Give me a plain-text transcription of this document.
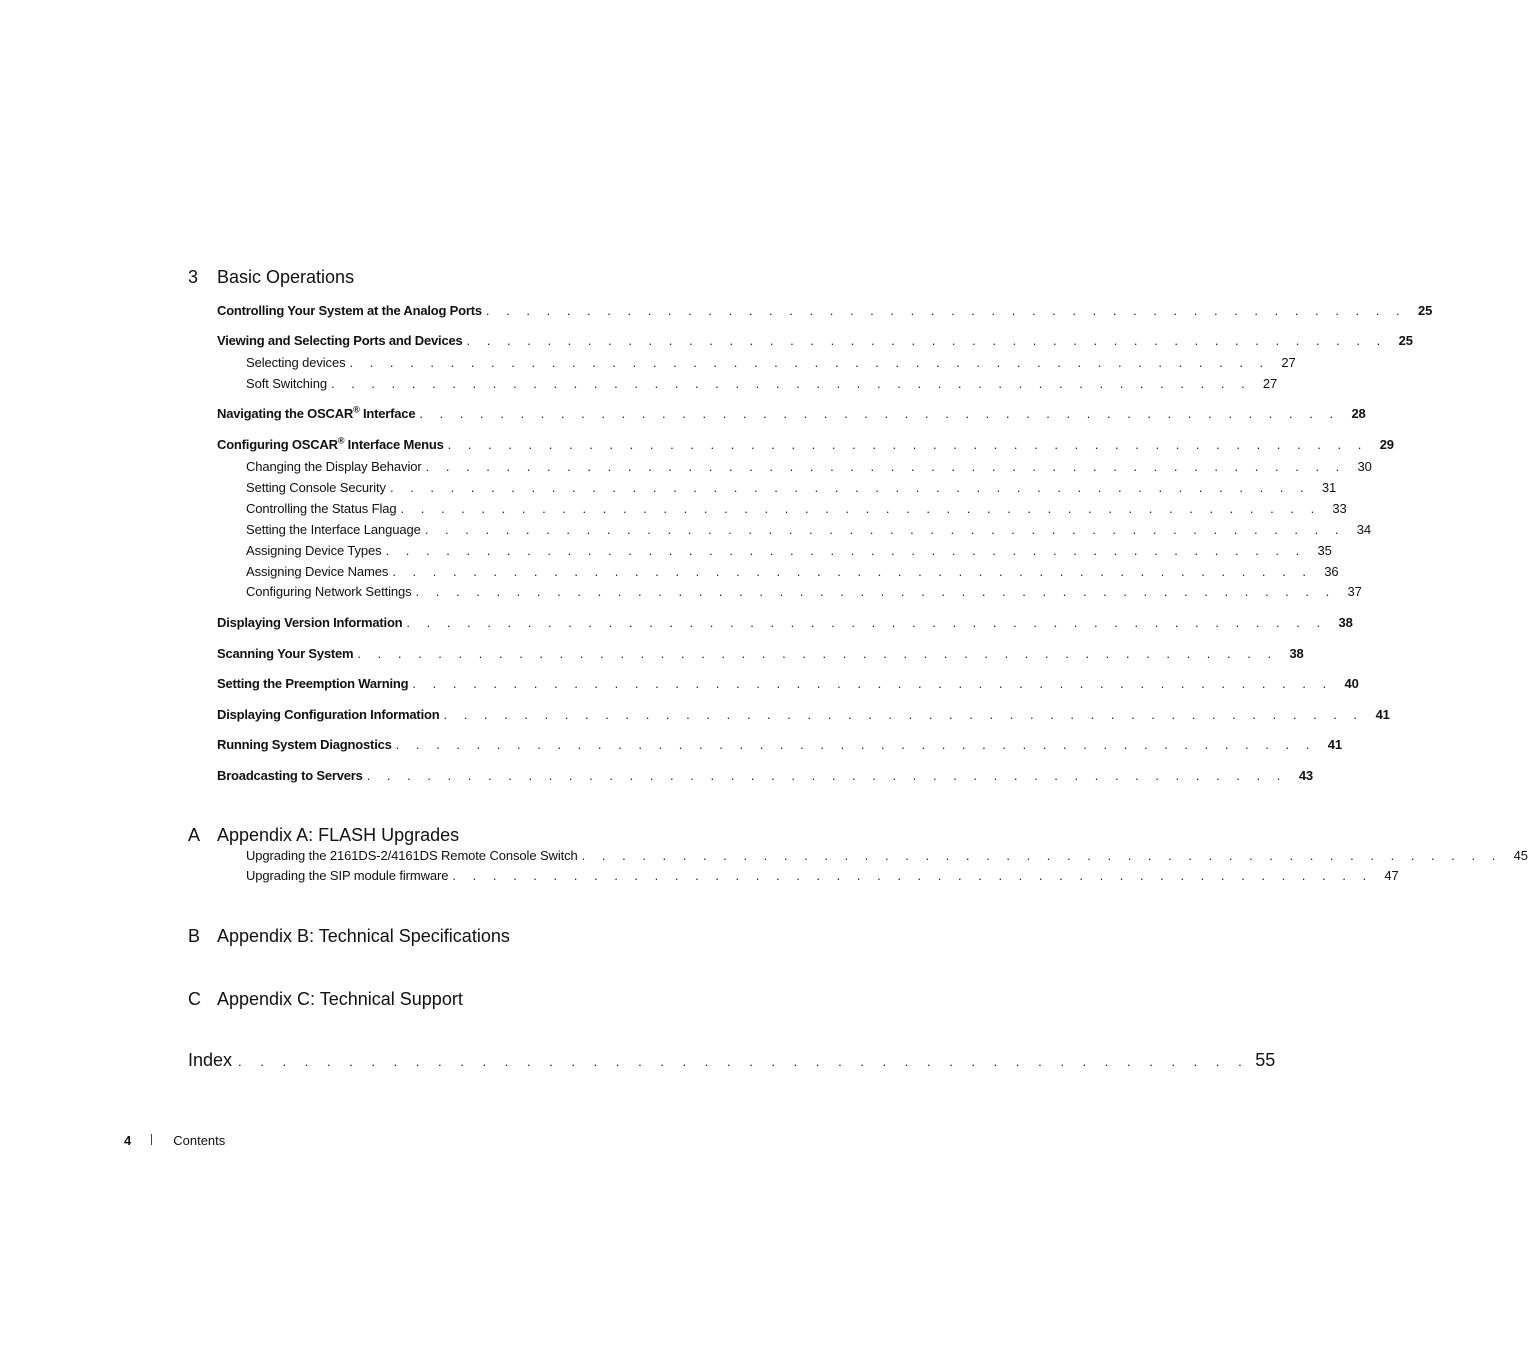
3 Basic Operations
Controlling Your System at the Analog Ports . . . . . . . . . . . . . . . . . . . . . . . . . . . . . . . . . . . . . . . . . . . . . . 25
Viewing and Selecting Ports and Devices . . . . . . . . . . . . . . . . . . . . . . . . . . . . . . . . . . . . . . . . . . . . . . 25
Selecting devices . . . . . . . . . . . . . . . . . . . . . . . . . . . . . . . . . . . . . . . . . . . . . . 27
Soft Switching . . . . . . . . . . . . . . . . . . . . . . . . . . . . . . . . . . . . . . . . . . . . . . 27
Navigating the OSCAR® Interface . . . . . . . . . . . . . . . . . . . . . . . . . . . . . . . . . . . . . . . . . . . . . . 28
Configuring OSCAR® Interface Menus . . . . . . . . . . . . . . . . . . . . . . . . . . . . . . . . . . . . . . . . . . . . . . 29
Changing the Display Behavior . . . . . . . . . . . . . . . . . . . . . . . . . . . . . . . . . . . . . . . . . . . . . . 30
Setting Console Security . . . . . . . . . . . . . . . . . . . . . . . . . . . . . . . . . . . . . . . . . . . . . . 31
Controlling the Status Flag . . . . . . . . . . . . . . . . . . . . . . . . . . . . . . . . . . . . . . . . . . . . . . 33
Setting the Interface Language . . . . . . . . . . . . . . . . . . . . . . . . . . . . . . . . . . . . . . . . . . . . . . 34
Assigning Device Types . . . . . . . . . . . . . . . . . . . . . . . . . . . . . . . . . . . . . . . . . . . . . . 35
Assigning Device Names . . . . . . . . . . . . . . . . . . . . . . . . . . . . . . . . . . . . . . . . . . . . . . 36
Configuring Network Settings . . . . . . . . . . . . . . . . . . . . . . . . . . . . . . . . . . . . . . . . . . . . . . 37
Displaying Version Information . . . . . . . . . . . . . . . . . . . . . . . . . . . . . . . . . . . . . . . . . . . . . . 38
Scanning Your System . . . . . . . . . . . . . . . . . . . . . . . . . . . . . . . . . . . . . . . . . . . . . . 38
Setting the Preemption Warning . . . . . . . . . . . . . . . . . . . . . . . . . . . . . . . . . . . . . . . . . . . . . . 40
Displaying Configuration Information . . . . . . . . . . . . . . . . . . . . . . . . . . . . . . . . . . . . . . . . . . . . . . 41
Running System Diagnostics . . . . . . . . . . . . . . . . . . . . . . . . . . . . . . . . . . . . . . . . . . . . . . 41
Broadcasting to Servers . . . . . . . . . . . . . . . . . . . . . . . . . . . . . . . . . . . . . . . . . . . . . . 43
A Appendix A: FLASH Upgrades
Upgrading the 2161DS-2/4161DS Remote Console Switch . . . . . . . . . . . . . . . . . . . . . . . . . . . . . . . . . . . . . . . . . . . . . . 45
Upgrading the SIP module firmware . . . . . . . . . . . . . . . . . . . . . . . . . . . . . . . . . . . . . . . . . . . . . . 47
B Appendix B: Technical Specifications
C Appendix C: Technical Support
Index . . . . . . . . . . . . . . . . . . . . . . . . . . . . . . . . . . . . . . . . . . . . . . 55
4	Contents
